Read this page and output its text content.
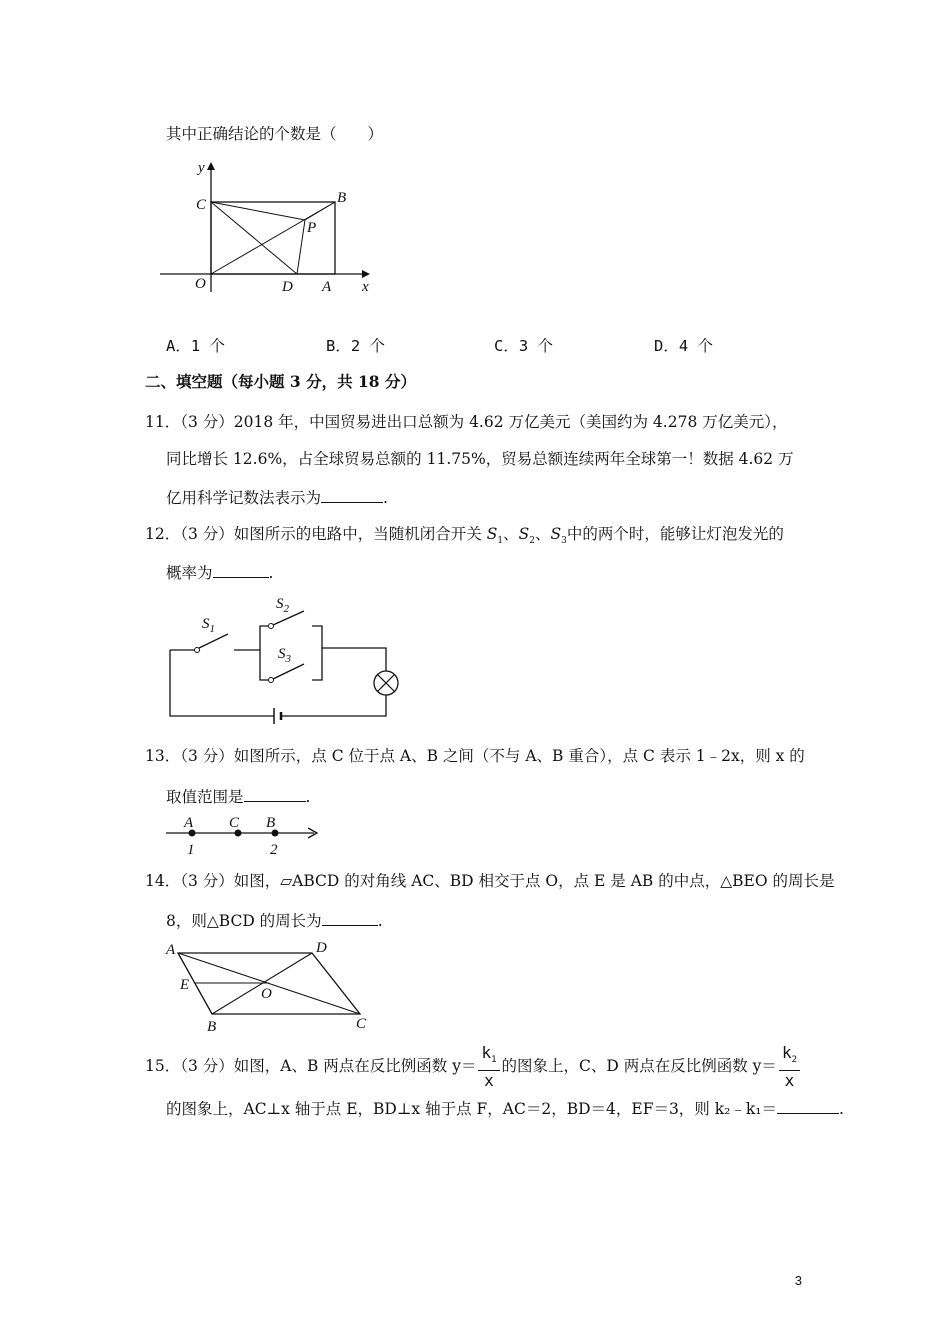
其中正确结论的个数是（　　）
y
C	B
P
O	D A x
A．1 个	B．2 个	C．3 个	D．4 个
二、填空题（每小题 3 分，共 18 分）
11．（3 分）2018 年，中国贸易进出口总额为 4.62 万亿美元（美国约为 4.278 万亿美元），
同比增长 12.6%，占全球贸易总额的 11.75%，贸易总额连续两年全球第一！数据 4.62 万
亿用科学记数法表示为	.
12．（3 分）如图所示的电路中，当随机闭合开关 $S_1$、$S_2$、$S_3$中的两个时，能够让灯泡发光的
概率为	.
$S_1$
$S_2$
$S_3$
13．（3 分）如图所示，点 C 位于点 A、B 之间（不与 A、B 重合），点 C 表示 1﹣2x，则 x 的
取值范围是	.
A C B
1	2
14．（3 分）如图，▱ABCD 的对角线 AC、BD 相交于点 O，点 E 是 AB 的中点，△BEO 的周长是
8，则△BCD 的周长为	.
A	D
E
O
B	C
15．（3 分）如图，A、B 两点在反比例函数 $y= \frac{k_1}{x}$ 的图象上，C、D 两点在反比例函数 $y= \frac{k_2}{x}$
的图象上，AC⊥x 轴于点 E，BD⊥x 轴于点 F，AC＝2，BD＝4，EF＝3，则 k₂﹣k₁＝	.
3
